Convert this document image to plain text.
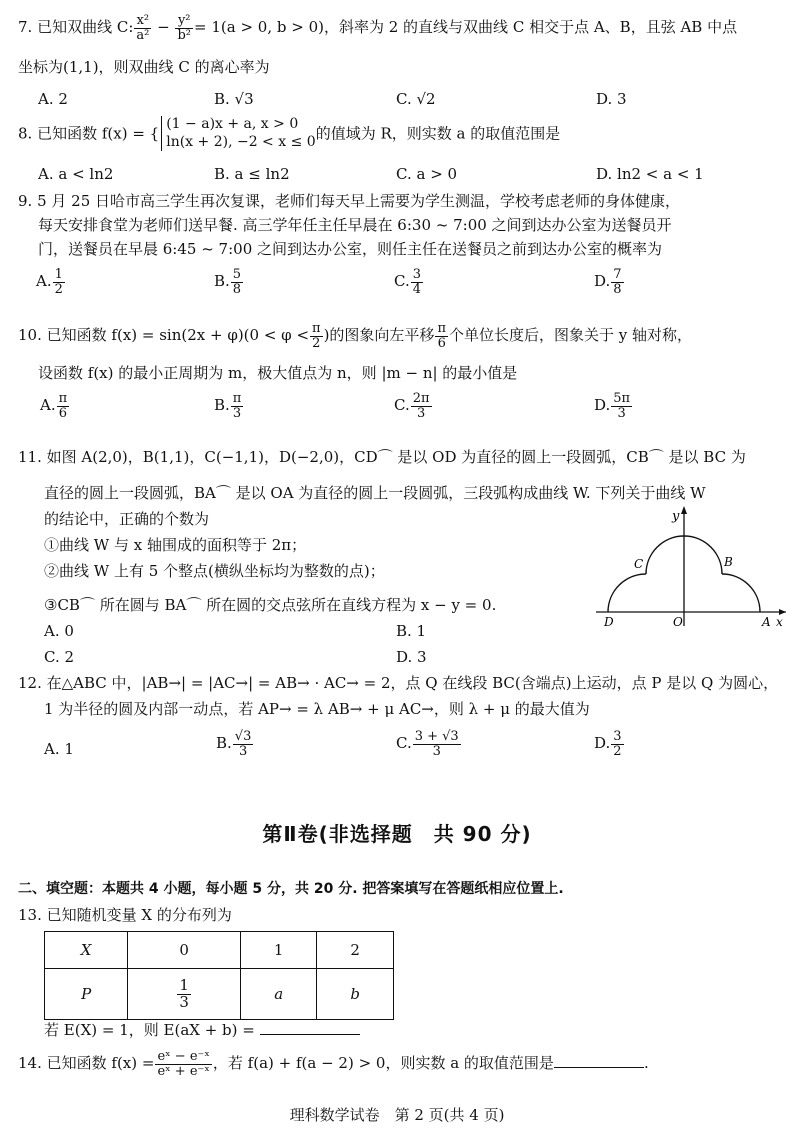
7. 已知双曲线 C: $\frac{\text{x²}}{\text{a²}} - \frac{\text{y²}}{\text{b²}} = 1(a > 0$, b > 0)，斜率为 2 的直线与双曲线 C 相交于点 A、B，且弦 AB 中点
坐标为(1,1)，则双曲线 C 的离心率为
A. 2	B. √3	C. √2	D. 3
8. 已知函数 f(x) = {
(1 − a)x + a, x > 0
ln(x + 2), −2 < x ≤ 0 的值域为 R，则实数 a 的取值范围是
A. a < ln2	B. a ≤ ln2	C. a > 0	D. ln2 < a < 1
9. 5 月 25 日哈市高三学生再次复课，老师们每天早上需要为学生测温，学校考虑老师的身体健康，
每天安排食堂为老师们送早餐. 高三学年任主任早晨在 6:30 ~ 7:00 之间到达办公室为送餐员开
门，送餐员在早晨 6:45 ~ 7:00 之间到达办公室，则任主任在送餐员之前到达办公室的概率为
A. $\frac{1}{2}$	B. $\frac{5}{8}$	C. $\frac{3}{4}$	D. $\frac{7}{8}$
10. 已知函数 $f(x) = \sin(2x + \varphi)(0 < \varphi < \frac{\pi}{2}$ )的图象向左平移 $\frac{\pi}{6}$ 个单位长度后，图象关于 y 轴对称，
设函数 f(x) 的最小正周期为 m，极大值点为 n，则 |m − n| 的最小值是
A. $\frac{\pi}{6}$	B. $\frac{\pi}{3}$	C. $\frac{2\pi}{3}$	D. $\frac{5\pi}{3}$
11. 如图 A(2,0)，B(1,1)，C(−1,1)，D(−2,0)，CD⌒ 是以 OD 为直径的圆上一段圆弧，CB⌒ 是以 BC 为
直径的圆上一段圆弧，BA⌒ 是以 OA 为直径的圆上一段圆弧，三段弧构成曲线 W. 下列关于曲线 W
的结论中，正确的个数为
①曲线 W 与 x 轴围成的面积等于 2π；
②曲线 W 上有 5 个整点(横纵坐标均为整数的点)；
③CB⌒ 所在圆与 BA⌒ 所在圆的交点弦所在直线方程为 x − y = 0.
A. 0	B. 1
C. 2	D. 3
y
x
O	A
B
C
D
12. 在△ABC 中，|AB→| = |AC→| = AB→ · AC→ = 2，点 Q 在线段 BC(含端点)上运动，点 P 是以 Q 为圆心，
1 为半径的圆及内部一动点，若 AP→ = λ AB→ + μ AC→，则 λ + μ 的最大值为
A. 1	B. $\frac{√3}{3}$	C. $\frac{3 + √3}{3}$	D. $\frac{3}{2}$
第Ⅱ卷(非选择题　共 90 分)
二、填空题：本题共 4 小题，每小题 5 分，共 20 分. 把答案填写在答题纸相应位置上.
13. 已知随机变量 X 的分布列为
X	0	1	2
P	$\frac{1}{3}$	a	b
若 E(X) = 1，则 E(aX + b) =
14. 已知函数 $f(x) = \frac{\text{eˣ − e⁻ˣ}}{\text{eˣ + e⁻ˣ}}$ ，若 f(a) + f(a − 2) > 0，则实数 a 的取值范围是	.
理科数学试卷　第 2 页(共 4 页)
